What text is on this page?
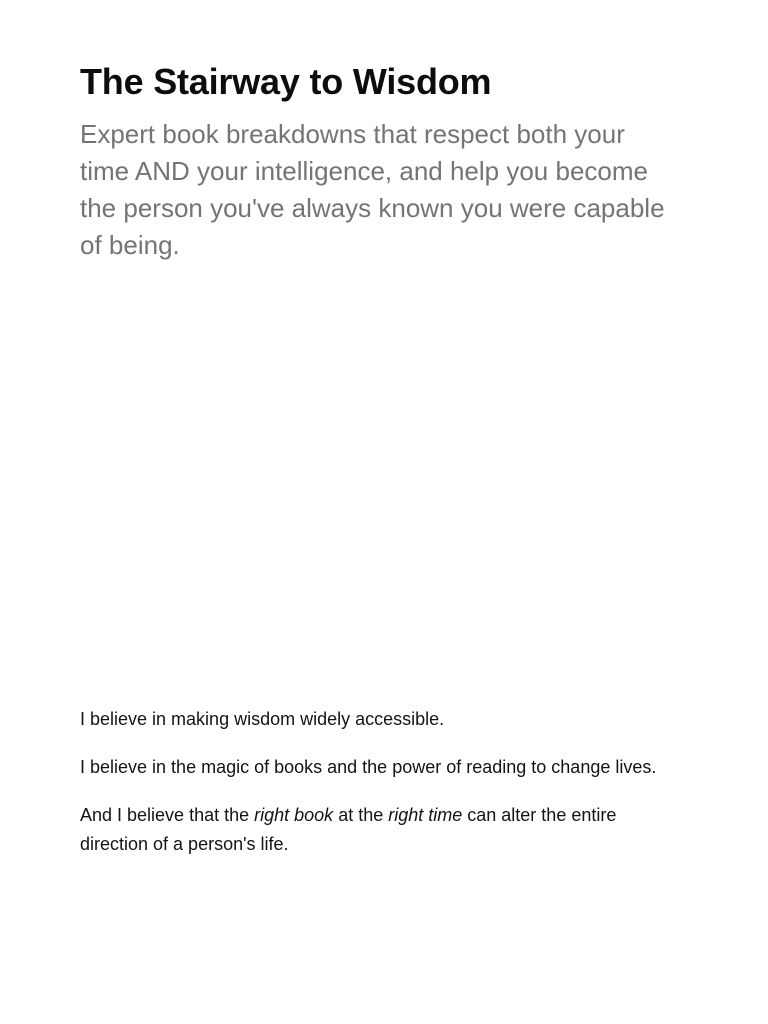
The Stairway to Wisdom

Expert book breakdowns that respect both your time AND your intelligence, and help you become the person you've always known you were capable of being.

I believe in making wisdom widely accessible.

I believe in the magic of books and the power of reading to change lives.

And I believe that the right book at the right time can alter the entire direction of a person's life.
